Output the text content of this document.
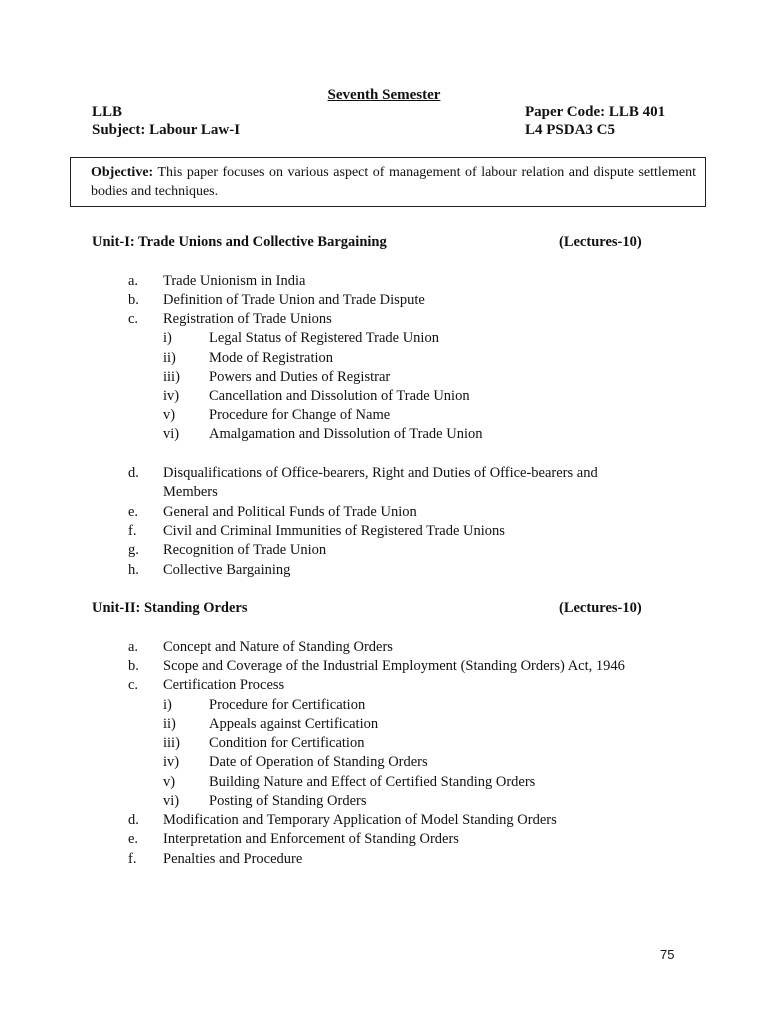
Seventh Semester
LLB
Subject: Labour Law-I
Paper Code: LLB 401
L4 PSDA3 C5
Objective: This paper focuses on various aspect of management of labour relation and dispute settlement bodies and techniques.
Unit-I: Trade Unions and Collective Bargaining	(Lectures-10)
a. Trade Unionism in India
b. Definition of Trade Union and Trade Dispute
c. Registration of Trade Unions
i)	Legal Status of Registered Trade Union
ii) Mode of Registration
iii) Powers and Duties of Registrar
iv) Cancellation and Dissolution of Trade Union
v) Procedure for Change of Name
vi) Amalgamation and Dissolution of Trade Union
d. Disqualifications of Office-bearers, Right and Duties of Office-bearers and
Members
e. General and Political Funds of Trade Union
f. Civil and Criminal Immunities of Registered Trade Unions
g. Recognition of Trade Union
h. Collective Bargaining
Unit-II: Standing Orders	(Lectures-10)
a. Concept and Nature of Standing Orders
b. Scope and Coverage of the Industrial Employment (Standing Orders) Act, 1946
c. Certification Process
i)	Procedure for Certification
ii) Appeals against Certification
iii) Condition for Certification
iv) Date of Operation of Standing Orders
v) Building Nature and Effect of Certified Standing Orders
vi) Posting of Standing Orders
d. Modification and Temporary Application of Model Standing Orders
e. Interpretation and Enforcement of Standing Orders
f. Penalties and Procedure
75
